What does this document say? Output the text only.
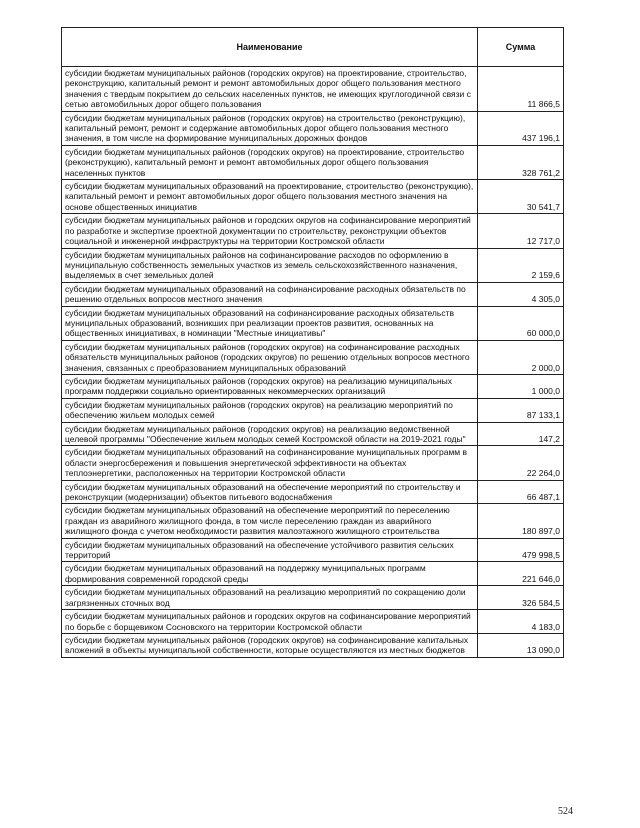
Наименование	Сумма
субсидии бюджетам муниципальных районов (городских округов) на проектирование, строительство, реконструкцию, капитальный ремонт и ремонт автомобильных дорог общего пользования местного значения с твердым покрытием до сельских населенных пунктов, не имеющих круглогодичной связи с сетью автомобильных дорог общего пользования	11 866,5
субсидии бюджетам муниципальных районов (городских округов) на строительство (реконструкцию), капитальный ремонт, ремонт и содержание автомобильных дорог общего пользования местного значения, в том числе на формирование муниципальных дорожных фондов	437 196,1
субсидии бюджетам муниципальных районов (городских округов) на проектирование, строительство (реконструкцию), капитальный ремонт и ремонт автомобильных дорог общего пользования населенных пунктов	328 761,2
субсидии бюджетам муниципальных образований на проектирование, строительство (реконструкцию), капитальный ремонт и ремонт автомобильных дорог общего пользования местного значения на основе общественных инициатив	30 541,7
субсидии бюджетам муниципальных районов и городских округов на софинансирование мероприятий по разработке и экспертизе проектной документации по строительству, реконструкции объектов социальной и инженерной инфраструктуры на территории Костромской области	12 717,0
субсидии бюджетам муниципальных районов на софинансирование расходов по оформлению в муниципальную собственность земельных участков из земель сельскохозяйственного назначения, выделяемых в счет земельных долей	2 159,6
субсидии бюджетам муниципальных образований на софинансирование расходных обязательств по решению отдельных вопросов местного значения	4 305,0
субсидии бюджетам муниципальных образований на софинансирование расходных обязательств муниципальных образований, возникших при реализации проектов развития, основанных на общественных инициативах, в номинации "Местные инициативы"	60 000,0
субсидии бюджетам муниципальных районов (городских округов) на софинансирование расходных обязательств муниципальных районов (городских округов) по решению отдельных вопросов местного значения, связанных с преобразованием муниципальных образований	2 000,0
субсидии бюджетам муниципальных районов (городских округов) на реализацию муниципальных программ поддержки социально ориентированных некоммерческих организаций	1 000,0
субсидии бюджетам муниципальных районов (городских округов) на реализацию мероприятий по обеспечению жильем молодых семей	87 133,1
субсидии бюджетам муниципальных районов (городских округов) на реализацию ведомственной целевой программы "Обеспечение жильем молодых семей Костромской области на 2019-2021 годы"	147,2
субсидии бюджетам муниципальных образований на софинансирование муниципальных программ в области энергосбережения и повышения энергетической эффективности на объектах теплоэнергетики, расположенных на территории Костромской области	22 264,0
субсидии бюджетам муниципальных образований на обеспечение мероприятий по строительству и реконструкции (модернизации) объектов питьевого водоснабжения	66 487,1
субсидии бюджетам муниципальных образований на обеспечение мероприятий по переселению граждан из аварийного жилищного фонда, в том числе переселению граждан из аварийного жилищного фонда с учетом необходимости развития малоэтажного жилищного строительства	180 897,0
субсидии бюджетам муниципальных образований на обеспечение устойчивого развития сельских территорий	479 998,5
субсидии бюджетам муниципальных образований на поддержку муниципальных программ формирования современной городской среды	221 646,0
субсидии бюджетам муниципальных образований на реализацию мероприятий по сокращению доли загрязненных сточных вод	326 584,5
субсидии бюджетам муниципальных районов и городских округов на софинансирование мероприятий по борьбе с борщевиком Сосновского на территории Костромской области	4 183,0
субсидии бюджетам муниципальных районов (городских округов) на софинансирование капитальных вложений в объекты муниципальной собственности, которые осуществляются из местных бюджетов	13 090,0
524
